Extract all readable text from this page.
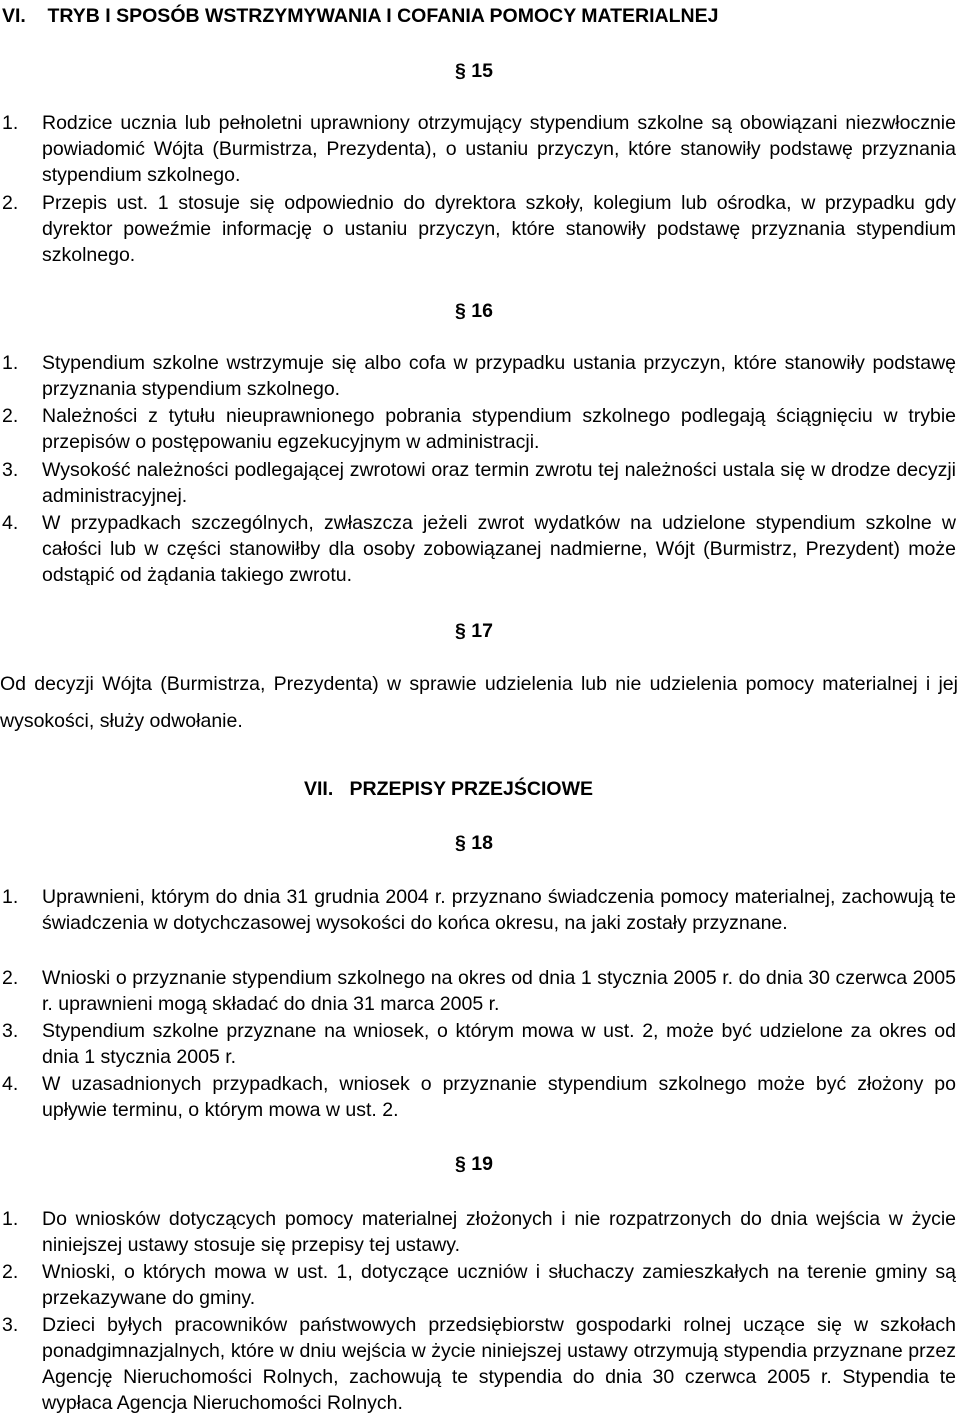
VI. TRYB I SPOSÓB WSTRZYMYWANIA I COFANIA POMOCY MATERIALNEJ
§ 15
1. Rodzice ucznia lub pełnoletni uprawniony otrzymujący stypendium szkolne są obowiązani niezwłocznie powiadomić Wójta (Burmistrza, Prezydenta), o ustaniu przyczyn, które stanowiły podstawę przyznania stypendium szkolnego.
2. Przepis ust. 1 stosuje się odpowiednio do dyrektora szkoły, kolegium lub ośrodka, w przypadku gdy dyrektor poweźmie informację o ustaniu przyczyn, które stanowiły podstawę przyznania stypendium szkolnego.
§ 16
1. Stypendium szkolne wstrzymuje się albo cofa w przypadku ustania przyczyn, które stanowiły podstawę przyznania stypendium szkolnego.
2. Należności z tytułu nieuprawnionego pobrania stypendium szkolnego podlegają ściągnięciu w trybie przepisów o postępowaniu egzekucyjnym w administracji.
3. Wysokość należności podlegającej zwrotowi oraz termin zwrotu tej należności ustala się w drodze decyzji administracyjnej.
4. W przypadkach szczególnych, zwłaszcza jeżeli zwrot wydatków na udzielone stypendium szkolne w całości lub w części stanowiłby dla osoby zobowiązanej nadmierne, Wójt (Burmistrz, Prezydent) może odstąpić od żądania takiego zwrotu.
§ 17

Od decyzji Wójta (Burmistrza, Prezydenta) w sprawie udzielenia lub nie udzielenia pomocy materialnej i jej wysokości, służy odwołanie.

VII. PRZEPISY PRZEJŚCIOWE
§ 18
1. Uprawnieni, którym do dnia 31 grudnia 2004 r. przyznano świadczenia pomocy materialnej, zachowują te świadczenia w dotychczasowej wysokości do końca okresu, na jaki zostały przyznane.
2. Wnioski o przyznanie stypendium szkolnego na okres od dnia 1 stycznia 2005 r. do dnia 30 czerwca 2005 r. uprawnieni mogą składać do dnia 31 marca 2005 r.
3. Stypendium szkolne przyznane na wniosek, o którym mowa w ust. 2, może być udzielone za okres od dnia 1 stycznia 2005 r.
4. W uzasadnionych przypadkach, wniosek o przyznanie stypendium szkolnego może być złożony po upływie terminu, o którym mowa w ust. 2.
§ 19
1. Do wniosków dotyczących pomocy materialnej złożonych i nie rozpatrzonych do dnia wejścia w życie niniejszej ustawy stosuje się przepisy tej ustawy.
2. Wnioski, o których mowa w ust. 1, dotyczące uczniów i słuchaczy zamieszkałych na terenie gminy są przekazywane do gminy.
3. Dzieci byłych pracowników państwowych przedsiębiorstw gospodarki rolnej uczące się w szkołach ponadgimnazjalnych, które w dniu wejścia w życie niniejszej ustawy otrzymują stypendia przyznane przez Agencję Nieruchomości Rolnych, zachowują te stypendia do dnia 30 czerwca 2005 r. Stypendia te wypłaca Agencja Nieruchomości Rolnych.
